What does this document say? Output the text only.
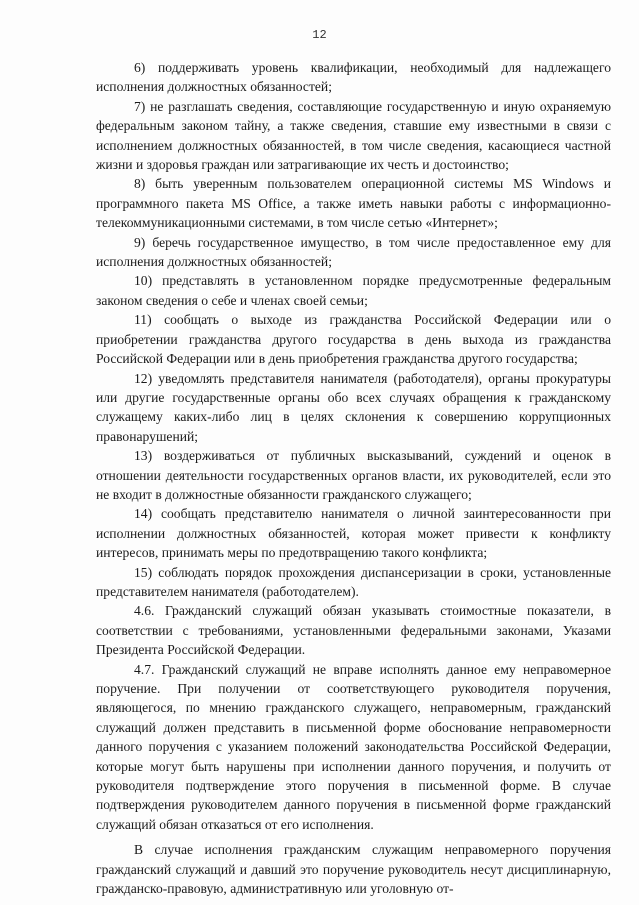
12

6) поддерживать уровень квалификации, необходимый для надлежащего исполнения должностных обязанностей;

7) не разглашать сведения, составляющие государственную и иную охраняемую федеральным законом тайну, а также сведения, ставшие ему известными в связи с исполнением должностных обязанностей, в том числе сведения, касающиеся частной жизни и здоровья граждан или затрагивающие их честь и достоинство;

8) быть уверенным пользователем операционной системы MS Windows и программного пакета MS Office, а также иметь навыки работы с информационно-телекоммуникационными системами, в том числе сетью «Интернет»;

9) беречь государственное имущество, в том числе предоставленное ему для исполнения должностных обязанностей;

10) представлять в установленном порядке предусмотренные федеральным законом сведения о себе и членах своей семьи;

11) сообщать о выходе из гражданства Российской Федерации или о приобретении гражданства другого государства в день выхода из гражданства Российской Федерации или в день приобретения гражданства другого государства;

12) уведомлять представителя нанимателя (работодателя), органы прокуратуры или другие государственные органы обо всех случаях обращения к гражданскому служащему каких-либо лиц в целях склонения к совершению коррупционных правонарушений;

13) воздерживаться от публичных высказываний, суждений и оценок в отношении деятельности государственных органов власти, их руководителей, если это не входит в должностные обязанности гражданского служащего;

14) сообщать представителю нанимателя о личной заинтересованности при исполнении должностных обязанностей, которая может привести к конфликту интересов, принимать меры по предотвращению такого конфликта;

15) соблюдать порядок прохождения диспансеризации в сроки, установленные представителем нанимателя (работодателем).

4.6. Гражданский служащий обязан указывать стоимостные показатели, в соответствии с требованиями, установленными федеральными законами, Указами Президента Российской Федерации.

4.7. Гражданский служащий не вправе исполнять данное ему неправомерное поручение. При получении от соответствующего руководителя поручения, являющегося, по мнению гражданского служащего, неправомерным, гражданский служащий должен представить в письменной форме обоснование неправомерности данного поручения с указанием положений законодательства Российской Федерации, которые могут быть нарушены при исполнении данного поручения, и получить от руководителя подтверждение этого поручения в письменной форме. В случае подтверждения руководителем данного поручения в письменной форме гражданский служащий обязан отказаться от его исполнения.

В случае исполнения гражданским служащим неправомерного поручения гражданский служащий и давший это поручение руководитель несут дисциплинарную, гражданско-правовую, административную или уголовную от-
